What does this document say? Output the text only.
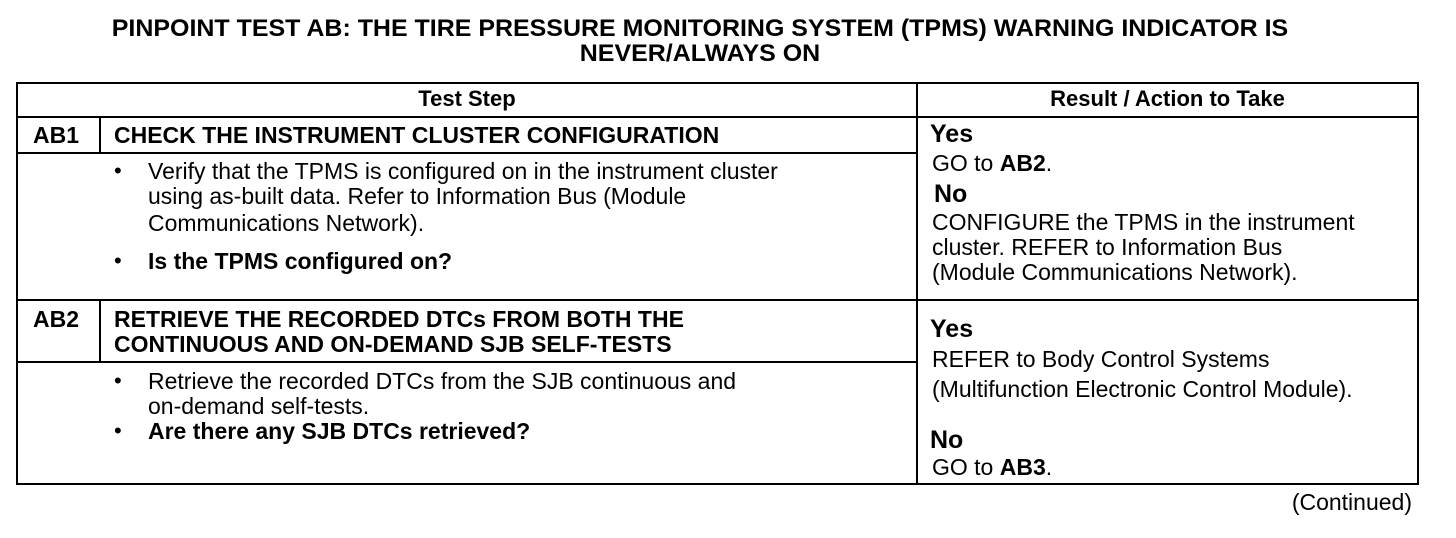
PINPOINT TEST AB: THE TIRE PRESSURE MONITORING SYSTEM (TPMS) WARNING INDICATOR IS
NEVER/ALWAYS ON
Test Step	Result / Action to Take
AB1 CHECK THE INSTRUMENT CLUSTER CONFIGURATION
• Verify that the TPMS is configured on in the instrument cluster
using as-built data. Refer to Information Bus (Module
Communications Network).
• Is the TPMS configured on?
Yes
GO to AB2.
No
CONFIGURE the TPMS in the instrument
cluster. REFER to Information Bus
(Module Communications Network).
AB2 RETRIEVE THE RECORDED DTCs FROM BOTH THE
CONTINUOUS AND ON-DEMAND SJB SELF-TESTS
• Retrieve the recorded DTCs from the SJB continuous and
on-demand self-tests.
• Are there any SJB DTCs retrieved?
Yes
REFER to Body Control Systems
(Multifunction Electronic Control Module).
No
GO to AB3.
(Continued)
